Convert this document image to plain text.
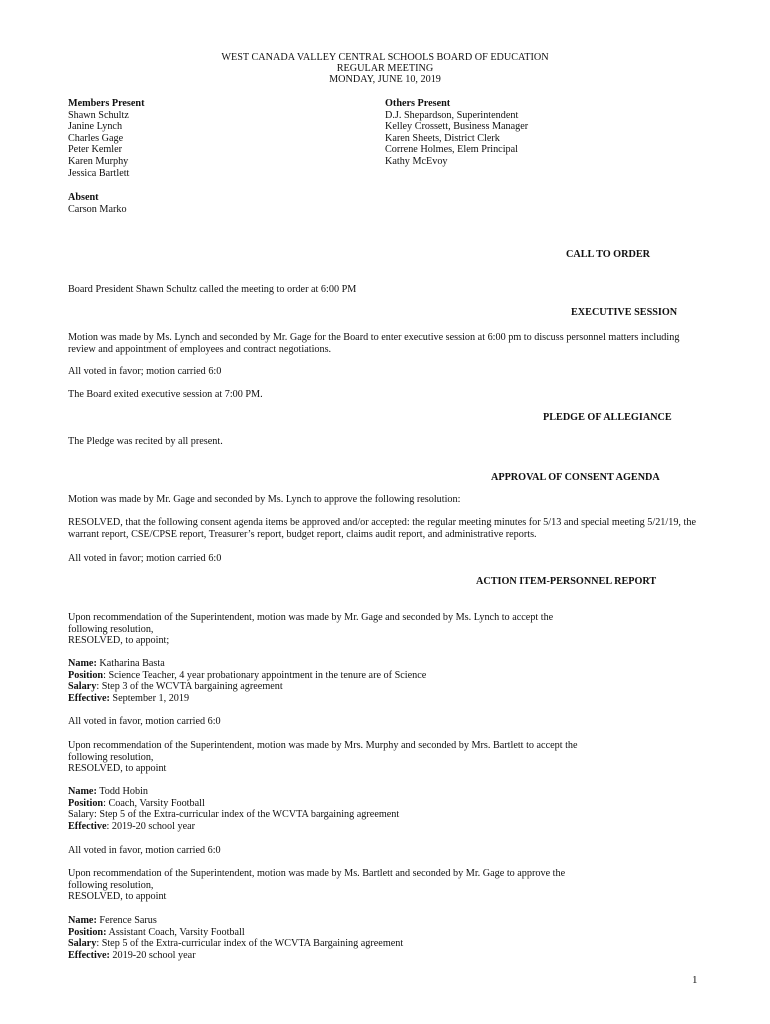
WEST CANADA VALLEY CENTRAL SCHOOLS BOARD OF EDUCATION
REGULAR MEETING
MONDAY, JUNE 10, 2019
Members Present
Shawn Schultz
Janine Lynch
Charles Gage
Peter Kemler
Karen Murphy
Jessica Bartlett
Others Present
D.J. Shepardson, Superintendent
Kelley Crossett, Business Manager
Karen Sheets, District Clerk
Correne Holmes, Elem Principal
Kathy McEvoy
Absent
Carson Marko
CALL TO ORDER
Board President Shawn Schultz called the meeting to order at 6:00 PM
EXECUTIVE SESSION
Motion was made by Ms. Lynch and seconded by Mr. Gage for the Board to enter executive session at 6:00 pm to discuss personnel matters including review and appointment of employees and contract negotiations.
All voted in favor; motion carried 6:0
The Board exited executive session at 7:00 PM.
PLEDGE OF ALLEGIANCE
The Pledge was recited by all present.
APPROVAL OF CONSENT AGENDA
Motion was made by Mr. Gage and seconded by Ms. Lynch to approve the following resolution:
RESOLVED, that the following consent agenda items be approved and/or accepted: the regular meeting minutes for 5/13 and special meeting 5/21/19, the warrant report, CSE/CPSE report, Treasurer’s report, budget report, claims audit report, and administrative reports.
All voted in favor; motion carried 6:0
ACTION ITEM-PERSONNEL REPORT
Upon recommendation of the Superintendent, motion was made by Mr. Gage and seconded by Ms. Lynch to accept the
following resolution,
RESOLVED, to appoint;
Name: Katharina Basta
Position: Science Teacher, 4 year probationary appointment in the tenure are of Science
Salary: Step 3 of the WCVTA bargaining agreement
Effective: September 1, 2019
All voted in favor, motion carried 6:0
Upon recommendation of the Superintendent, motion was made by Mrs. Murphy and seconded by Mrs. Bartlett to accept the
following resolution,
RESOLVED, to appoint
Name: Todd Hobin
Position: Coach, Varsity Football
Salary: Step 5 of the Extra-curricular index of the WCVTA bargaining agreement
Effective: 2019-20 school year
All voted in favor, motion carried 6:0
Upon recommendation of the Superintendent, motion was made by Ms. Bartlett and seconded by Mr. Gage to approve the
following resolution,
RESOLVED, to appoint
Name: Ference Sarus
Position: Assistant Coach, Varsity Football
Salary: Step 5 of the Extra-curricular index of the WCVTA Bargaining agreement
Effective: 2019-20 school year
1
